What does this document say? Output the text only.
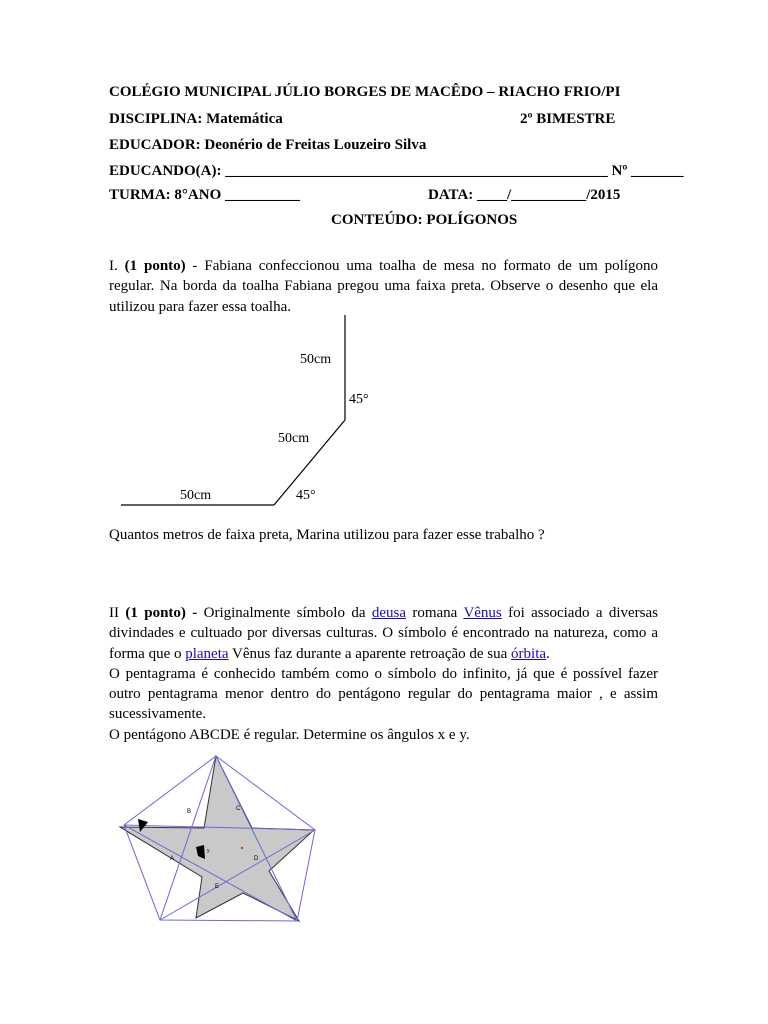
COLÉGIO MUNICIPAL JÚLIO BORGES DE MACÊDO – RIACHO FRIO/PI
DISCIPLINA: Matemática	2º BIMESTRE
EDUCADOR: Deonério de Freitas Louzeiro Silva
EDUCANDO(A): ___________________________________________________ Nº _______
TURMA: 8°ANO __________	DATA: ____/__________/2015
CONTEÚDO: POLÍGONOS

I. (1 ponto) - Fabiana confeccionou uma toalha de mesa no formato de um polígono regular. Na borda da toalha Fabiana pregou uma faixa preta. Observe o desenho que ela utilizou para fazer essa toalha.

50cm
45°
50cm
50cm	45°
Quantos metros de faixa preta, Marina utilizou para fazer esse trabalho ?

II (1 ponto) - Originalmente símbolo da deusa romana Vênus foi associado a diversas divindades e cultuado por diversas culturas. O símbolo é encontrado na natureza, como a forma que o planeta Vênus faz durante a aparente retroação de sua órbita.

O pentagrama é conhecido também como o símbolo do infinito, já que é possível fazer outro pentagrama menor dentro do pentágono regular do pentagrama maior , e assim sucessivamente.

O pentágono ABCDE é regular. Determine os ângulos x e y.

B	C
A	D
E
x
y
